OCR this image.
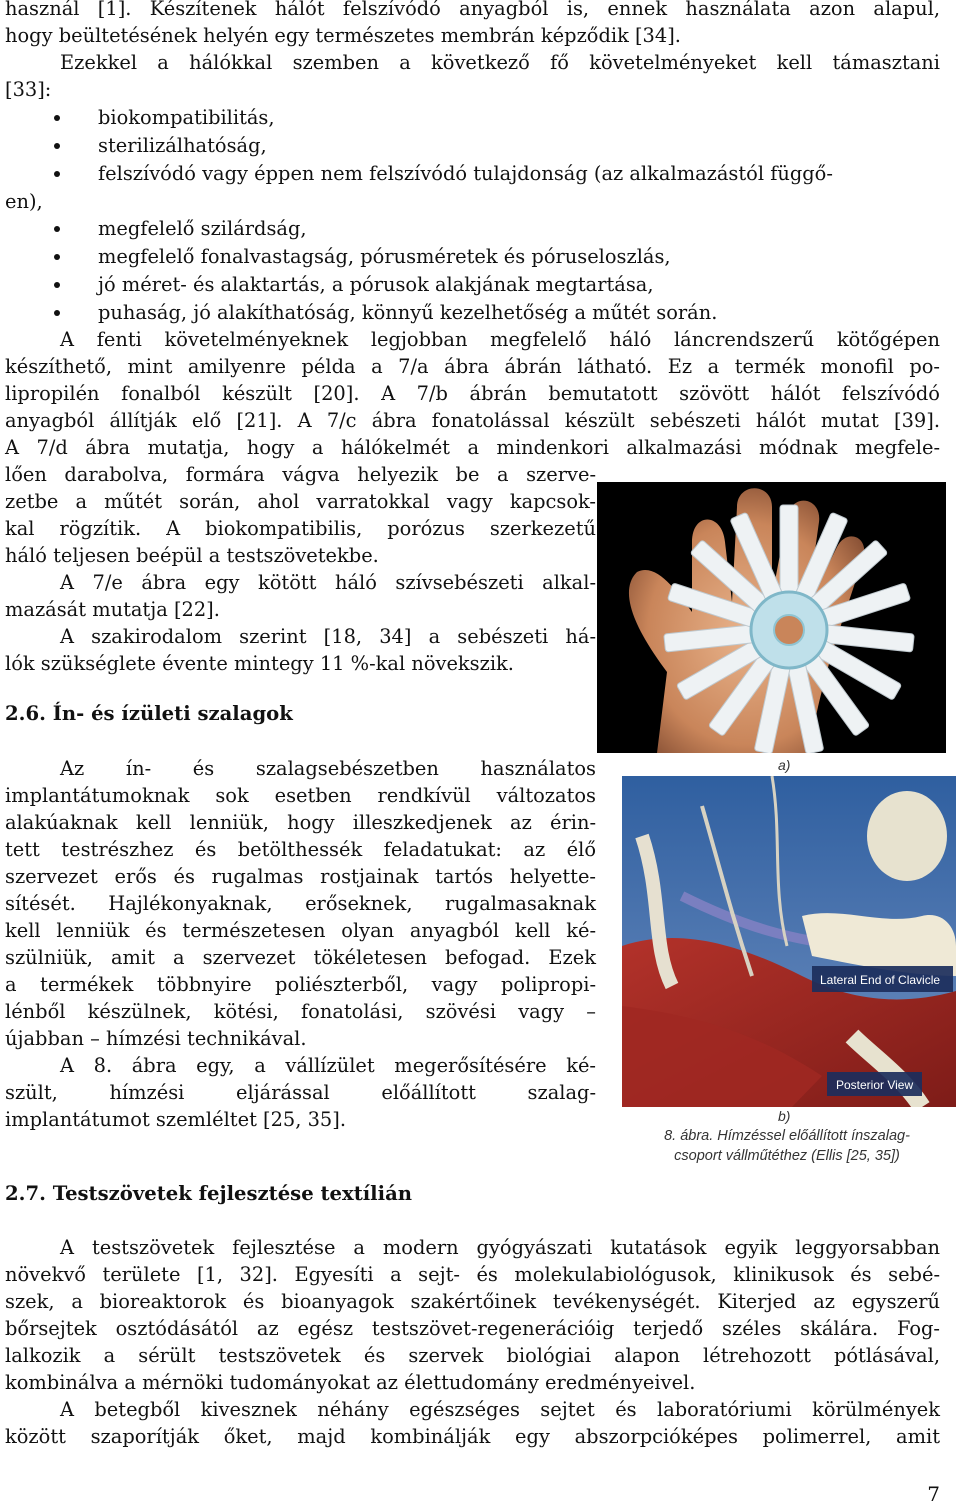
használ [1]. Készítenek hálót felszívódó anyagból is, ennek használata azon alapul,
hogy beültetésének helyén egy természetes membrán képződik [34].
Ezekkel a hálókkal szemben a következő fő követelményeket kell támasztani
[33]:
biokompatibilitás,
sterilizálhatóság,
felszívódó vagy éppen nem felszívódó tulajdonság (az alkalmazástól függő-
en),
megfelelő szilárdság,
megfelelő fonalvastagság, pórusméretek és póruseloszlás,
jó méret- és alaktartás, a pórusok alakjának megtartása,
puhaság, jó alakíthatóság, könnyű kezelhetőség a műtét során.
A fenti követelményeknek legjobban megfelelő háló láncrendszerű kötőgépen
készíthető, mint amilyenre példa a 7/a ábra ábrán látható. Ez a termék monofil po-
lipropilén fonalból készült [20]. A 7/b ábrán bemutatott szövött hálót felszívódó
anyagból állítják elő [21]. A 7/c ábra fonatolással készült sebészeti hálót mutat [39].
A 7/d ábra mutatja, hogy a hálókelmét a mindenkori alkalmazási módnak megfele-
lően darabolva, formára vágva helyezik be a szerve-
zetbe a műtét során, ahol varratokkal vagy kapcsok-
kal rögzítik. A biokompatibilis, porózus szerkezetű
háló teljesen beépül a testszövetekbe.
A 7/e ábra egy kötött háló szívsebészeti alkal-
mazását mutatja [22].
A szakirodalom szerint [18, 34] a sebészeti há-
lók szükséglete évente mintegy 11 %-kal növekszik.
2.6. Ín- és ízületi szalagok
Az ín- és szalagsebészetben használatos
implantátumoknak sok esetben rendkívül változatos
alakúaknak kell lenniük, hogy illeszkedjenek az érin-
tett testrészhez és betölthessék feladatukat: az élő
szervezet erős és rugalmas rostjainak tartós helyette-
sítését. Hajlékonyaknak, erőseknek, rugalmasaknak
kell lenniük és természetesen olyan anyagból kell ké-
szülniük, amit a szervezet tökéletesen befogad. Ezek
a termékek többnyire poliészterből, vagy polipropi-
lénből készülnek, kötési, fonatolási, szövési vagy –
újabban – hímzési technikával.
A 8. ábra egy, a vállízület megerősítésére ké-
szült, hímzési eljárással előállított szalag-
implantátumot szemléltet [25, 35].
a)
Lateral End of Clavicle
Posterior View
b)
8. ábra. Hímzéssel előállított ínszalag-
csoport vállműtéthez (Ellis [25, 35])
2.7. Testszövetek fejlesztése textílián
A testszövetek fejlesztése a modern gyógyászati kutatások egyik leggyorsabban
növekvő területe [1, 32]. Egyesíti a sejt- és molekulabiológusok, klinikusok és sebé-
szek, a bioreaktorok és bioanyagok szakértőinek tevékenységét. Kiterjed az egyszerű
bőrsejtek osztódásától az egész testszövet-regenerációig terjedő széles skálára. Fog-
lalkozik a sérült testszövetek és szervek biológiai alapon létrehozott pótlásával,
kombinálva a mérnöki tudományokat az élettudomány eredményeivel.
A betegből kivesznek néhány egészséges sejtet és laboratóriumi körülmények
között szaporítják őket, majd kombinálják egy abszorpcióképes polimerrel, amit
7
